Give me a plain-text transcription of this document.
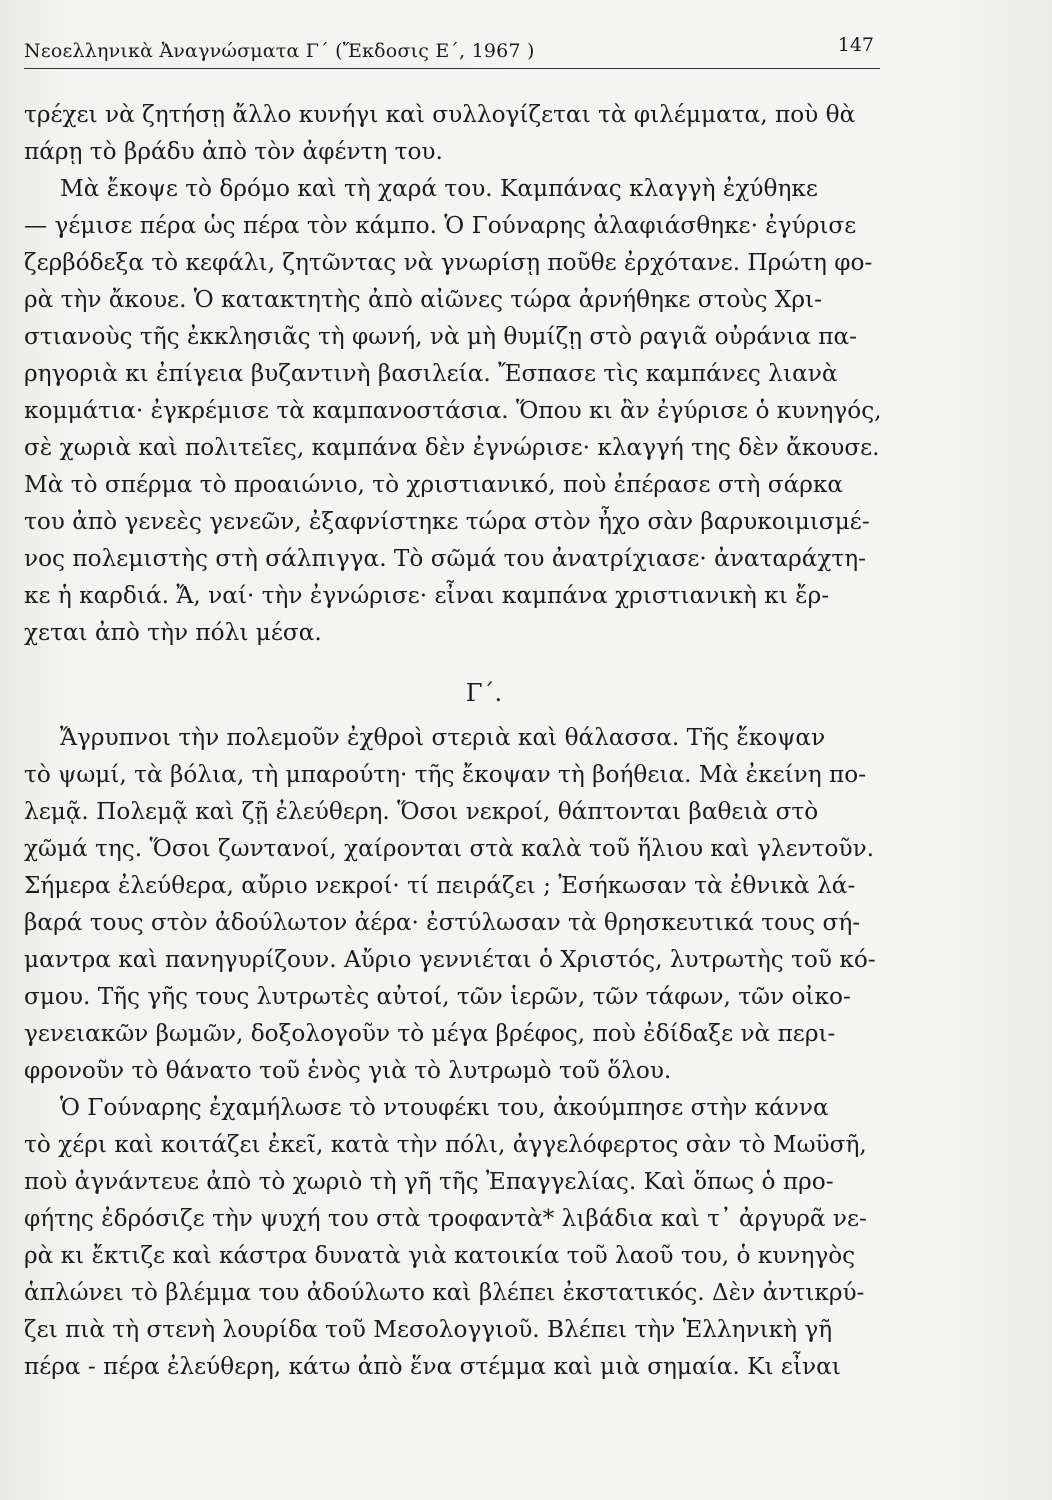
Νεοελληνικὰ Ἀναγνώσματα Γ΄ (Ἔκδοσις Ε΄, 1967 )	147
τρέχει νὰ ζητήσῃ ἄλλο κυνήγι καὶ συλλογίζεται τὰ φιλέμματα, ποὺ θὰ
πάρῃ τὸ βράδυ ἀπὸ τὸν ἀφέντη του.
Μὰ ἔκοψε τὸ δρόμο καὶ τὴ χαρά του. Καμπάνας κλαγγὴ ἐχύθηκε
— γέμισε πέρα ὡς πέρα τὸν κάμπο. Ὁ Γούναρης ἀλαφιάσθηκε· ἐγύρισε
ζερβόδεξα τὸ κεφάλι, ζητῶντας νὰ γνωρίσῃ ποῦθε ἐρχότανε. Πρώτη φο-
ρὰ τὴν ἄκουε. Ὁ κατακτητὴς ἀπὸ αἰῶνες τώρα ἀρνήθηκε στοὺς Χρι-
στιανοὺς τῆς ἐκκλησιᾶς τὴ φωνή, νὰ μὴ θυμίζῃ στὸ ραγιᾶ οὐράνια πα-
ρηγοριὰ κι ἐπίγεια βυζαντινὴ βασιλεία. Ἔσπασε τὶς καμπάνες λιανὰ
κομμάτια· ἐγκρέμισε τὰ καμπανοστάσια. Ὅπου κι ἂν ἐγύρισε ὁ κυνηγός,
σὲ χωριὰ καὶ πολιτεῖες, καμπάνα δὲν ἐγνώρισε· κλαγγή της δὲν ἄκουσε.
Μὰ τὸ σπέρμα τὸ προαιώνιο, τὸ χριστιανικό, ποὺ ἐπέρασε στὴ σάρκα
του ἀπὸ γενεὲς γενεῶν, ἐξαφνίστηκε τώρα στὸν ἦχο σὰν βαρυκοιμισμέ-
νος πολεμιστὴς στὴ σάλπιγγα. Τὸ σῶμά του ἀνατρίχιασε· ἀναταράχτη-
κε ἡ καρδιά. Ἄ, ναί· τὴν ἐγνώρισε· εἶναι καμπάνα χριστιανικὴ κι ἔρ-
χεται ἀπὸ τὴν πόλι μέσα.
Γ΄.
Ἄγρυπνοι τὴν πολεμοῦν ἐχθροὶ στεριὰ καὶ θάλασσα. Τῆς ἔκοψαν
τὸ ψωμί, τὰ βόλια, τὴ μπαρούτη· τῆς ἔκοψαν τὴ βοήθεια. Μὰ ἐκείνη πο-
λεμᾷ. Πολεμᾷ καὶ ζῇ ἐλεύθερη. Ὅσοι νεκροί, θάπτονται βαθειὰ στὸ
χῶμά της. Ὅσοι ζωντανοί, χαίρονται στὰ καλὰ τοῦ ἥλιου καὶ γλεντοῦν.
Σήμερα ἐλεύθερα, αὔριο νεκροί· τί πειράζει ; Ἐσήκωσαν τὰ ἐθνικὰ λά-
βαρά τους στὸν ἀδούλωτον ἀέρα· ἐστύλωσαν τὰ θρησκευτικά τους σή-
μαντρα καὶ πανηγυρίζουν. Αὔριο γεννιέται ὁ Χριστός, λυτρωτὴς τοῦ κό-
σμου. Τῆς γῆς τους λυτρωτὲς αὐτοί, τῶν ἱερῶν, τῶν τάφων, τῶν οἰκο-
γενειακῶν βωμῶν, δοξολογοῦν τὸ μέγα βρέφος, ποὺ ἐδίδαξε νὰ περι-
φρονοῦν τὸ θάνατο τοῦ ἑνὸς γιὰ τὸ λυτρωμὸ τοῦ ὅλου.
Ὁ Γούναρης ἐχαμήλωσε τὸ ντουφέκι του, ἀκούμπησε στὴν κάννα
τὸ χέρι καὶ κοιτάζει ἐκεῖ, κατὰ τὴν πόλι, ἀγγελόφερτος σὰν τὸ Μωϋσῆ,
ποὺ ἀγνάντευε ἀπὸ τὸ χωριὸ τὴ γῆ τῆς Ἐπαγγελίας. Καὶ ὅπως ὁ προ-
φήτης ἐδρόσιζε τὴν ψυχή του στὰ τροφαντὰ* λιβάδια καὶ τ᾿ ἀργυρᾶ νε-
ρὰ κι ἔκτιζε καὶ κάστρα δυνατὰ γιὰ κατοικία τοῦ λαοῦ του, ὁ κυνηγὸς
ἁπλώνει τὸ βλέμμα του ἀδούλωτο καὶ βλέπει ἐκστατικός. Δὲν ἀντικρύ-
ζει πιὰ τὴ στενὴ λουρίδα τοῦ Μεσολογγιοῦ. Βλέπει τὴν Ἑλληνικὴ γῆ
πέρα - πέρα ἐλεύθερη, κάτω ἀπὸ ἕνα στέμμα καὶ μιὰ σημαία. Κι εἶναι
